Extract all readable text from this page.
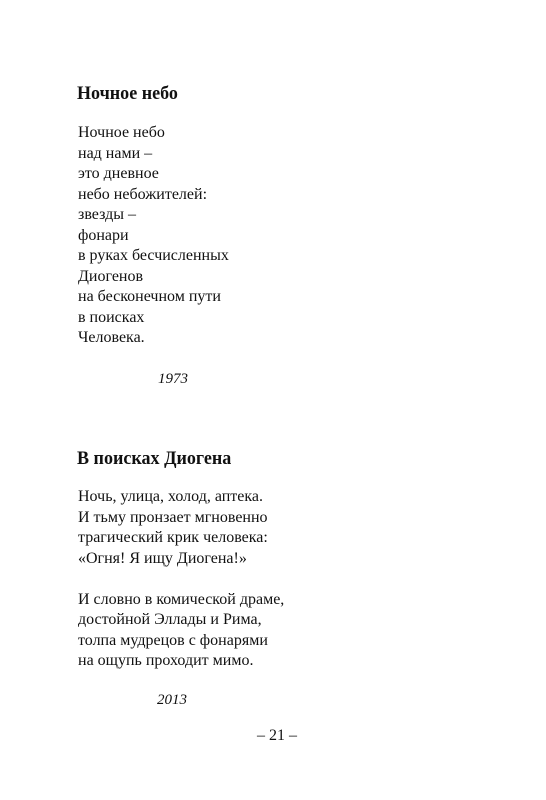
Ночное небо
Ночное небо
над нами –
это дневное
небо небожителей:
звезды –
фонари
в руках бесчисленных
Диогенов
на бесконечном пути
в поисках
Человека.

1973

В поисках Диогена
Ночь, улица, холод, аптека.
И тьму пронзает мгновенно
трагический крик человека:
«Огня! Я ищу Диогена!»
И словно в комической драме,
достойной Эллады и Рима,
толпа мудрецов с фонарями
на ощупь проходит мимо.

2013

– 21 –
